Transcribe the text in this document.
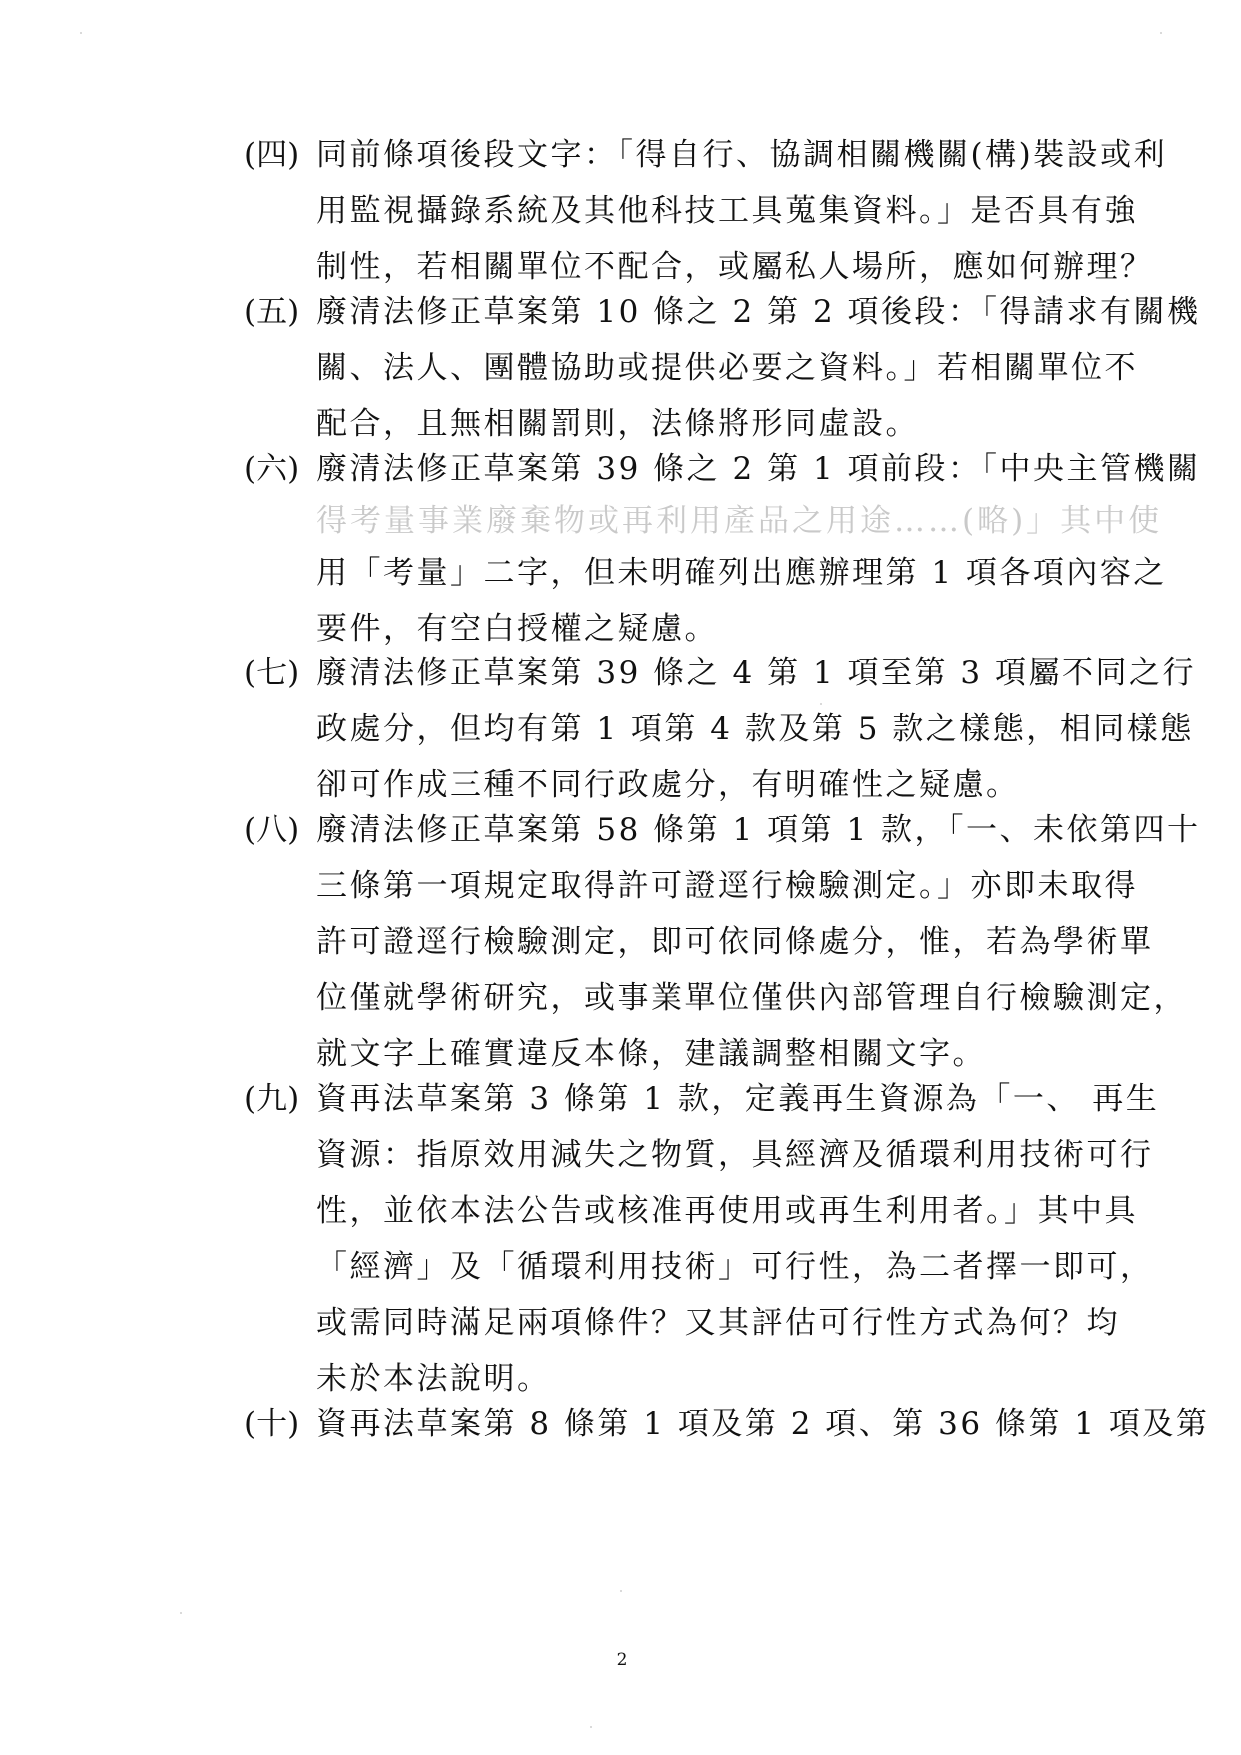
(四) 同前條項後段文字：「得自行、協調相關機關(構)裝設或利
用監視攝錄系統及其他科技工具蒐集資料。」是否具有強
制性，若相關單位不配合，或屬私人場所，應如何辦理？
(五) 廢清法修正草案第 10 條之 2 第 2 項後段：「得請求有關機
關、法人、團體協助或提供必要之資料。」若相關單位不
配合，且無相關罰則，法條將形同虛設。
(六) 廢清法修正草案第 39 條之 2 第 1 項前段：「中央主管機關
得考量事業廢棄物或再利用產品之用途……(略)」其中使
用「考量」二字，但未明確列出應辦理第 1 項各項內容之
要件，有空白授權之疑慮。
(七) 廢清法修正草案第 39 條之 4 第 1 項至第 3 項屬不同之行
政處分，但均有第 1 項第 4 款及第 5 款之樣態，相同樣態
卻可作成三種不同行政處分，有明確性之疑慮。
(八) 廢清法修正草案第 58 條第 1 項第 1 款，「一、未依第四十
三條第一項規定取得許可證逕行檢驗測定。」亦即未取得
許可證逕行檢驗測定，即可依同條處分，惟，若為學術單
位僅就學術研究，或事業單位僅供內部管理自行檢驗測定，
就文字上確實違反本條，建議調整相關文字。
(九) 資再法草案第 3 條第 1 款，定義再生資源為「一、 再生
資源：指原效用減失之物質，具經濟及循環利用技術可行
性，並依本法公告或核准再使用或再生利用者。」其中具
「經濟」及「循環利用技術」可行性，為二者擇一即可，
或需同時滿足兩項條件？又其評估可行性方式為何？均
未於本法說明。
(十) 資再法草案第 8 條第 1 項及第 2 項、第 36 條第 1 項及第
2
